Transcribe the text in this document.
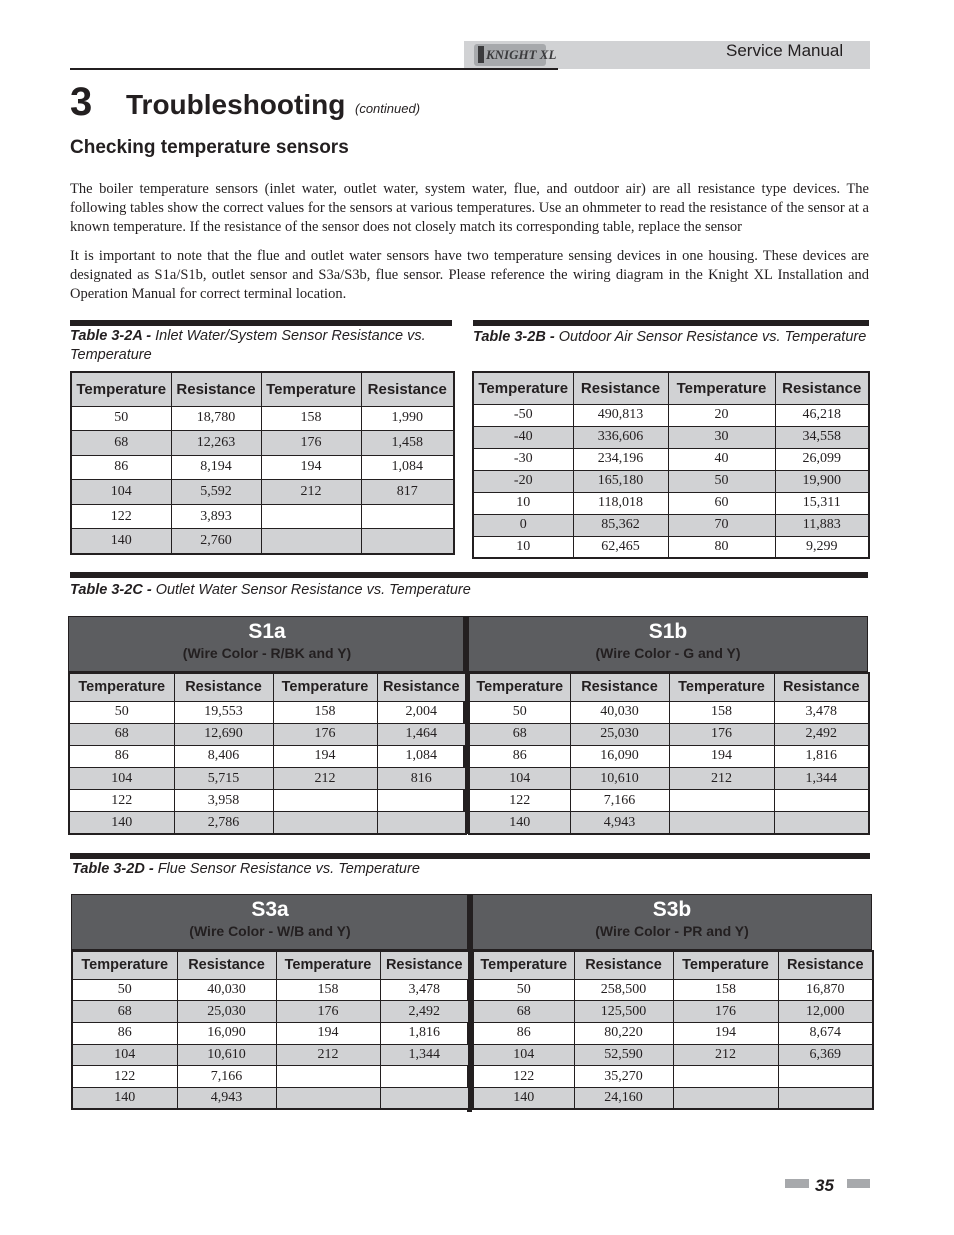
KNIGHT XL	Service Manual
3 Troubleshooting (continued)
Checking temperature sensors

The boiler temperature sensors (inlet water, outlet water, system water, flue, and outdoor air) are all resistance type devices. The following tables show the correct values for the sensors at various temperatures. Use an ohmmeter to read the resistance of the sensor at a known temperature. If the resistance of the sensor does not closely match its corresponding table, replace the sensor

It is important to note that the flue and outlet water sensors have two temperature sensing devices in one housing. These devices are designated as S1a/S1b, outlet sensor and S3a/S3b, flue sensor. Please reference the wiring diagram in the Knight XL Installation and Operation Manual for correct terminal location.

Table 3-2A - Inlet Water/System Sensor Resistance vs. Temperature

Temperature	Resistance	Temperature	Resistance
50	18,780	158	1,990
68	12,263	176	1,458
86	8,194	194	1,084
104	5,592	212	817
122	3,893		
140	2,760		

Table 3-2B - Outdoor Air Sensor Resistance vs. Temperature

Temperature	Resistance	Temperature	Resistance
-50	490,813	20	46,218
-40	336,606	30	34,558
-30	234,196	40	26,099
-20	165,180	50	19,900
10	118,018	60	15,311
0	85,362	70	11,883
10	62,465	80	9,299

Table 3-2C - Outlet Water Sensor Resistance vs. Temperature

S1a
(Wire Color - R/BK and Y)
S1b
(Wire Color - G and Y)
Temperature	Resistance	Temperature	Resistance
50	19,553	158	2,004
68	12,690	176	1,464
86	8,406	194	1,084
104	5,715	212	816
122	3,958		
140	2,786		
Temperature	Resistance	Temperature	Resistance
50	40,030	158	3,478
68	25,030	176	2,492
86	16,090	194	1,816
104	10,610	212	1,344
122	7,166		
140	4,943		

Table 3-2D - Flue Sensor Resistance vs. Temperature

S3a
(Wire Color - W/B and Y)
S3b
(Wire Color - PR and Y)
Temperature	Resistance	Temperature	Resistance
50	40,030	158	3,478
68	25,030	176	2,492
86	16,090	194	1,816
104	10,610	212	1,344
122	7,166		
140	4,943		
Temperature	Resistance	Temperature	Resistance
50	258,500	158	16,870
68	125,500	176	12,000
86	80,220	194	8,674
104	52,590	212	6,369
122	35,270		
140	24,160		
35
